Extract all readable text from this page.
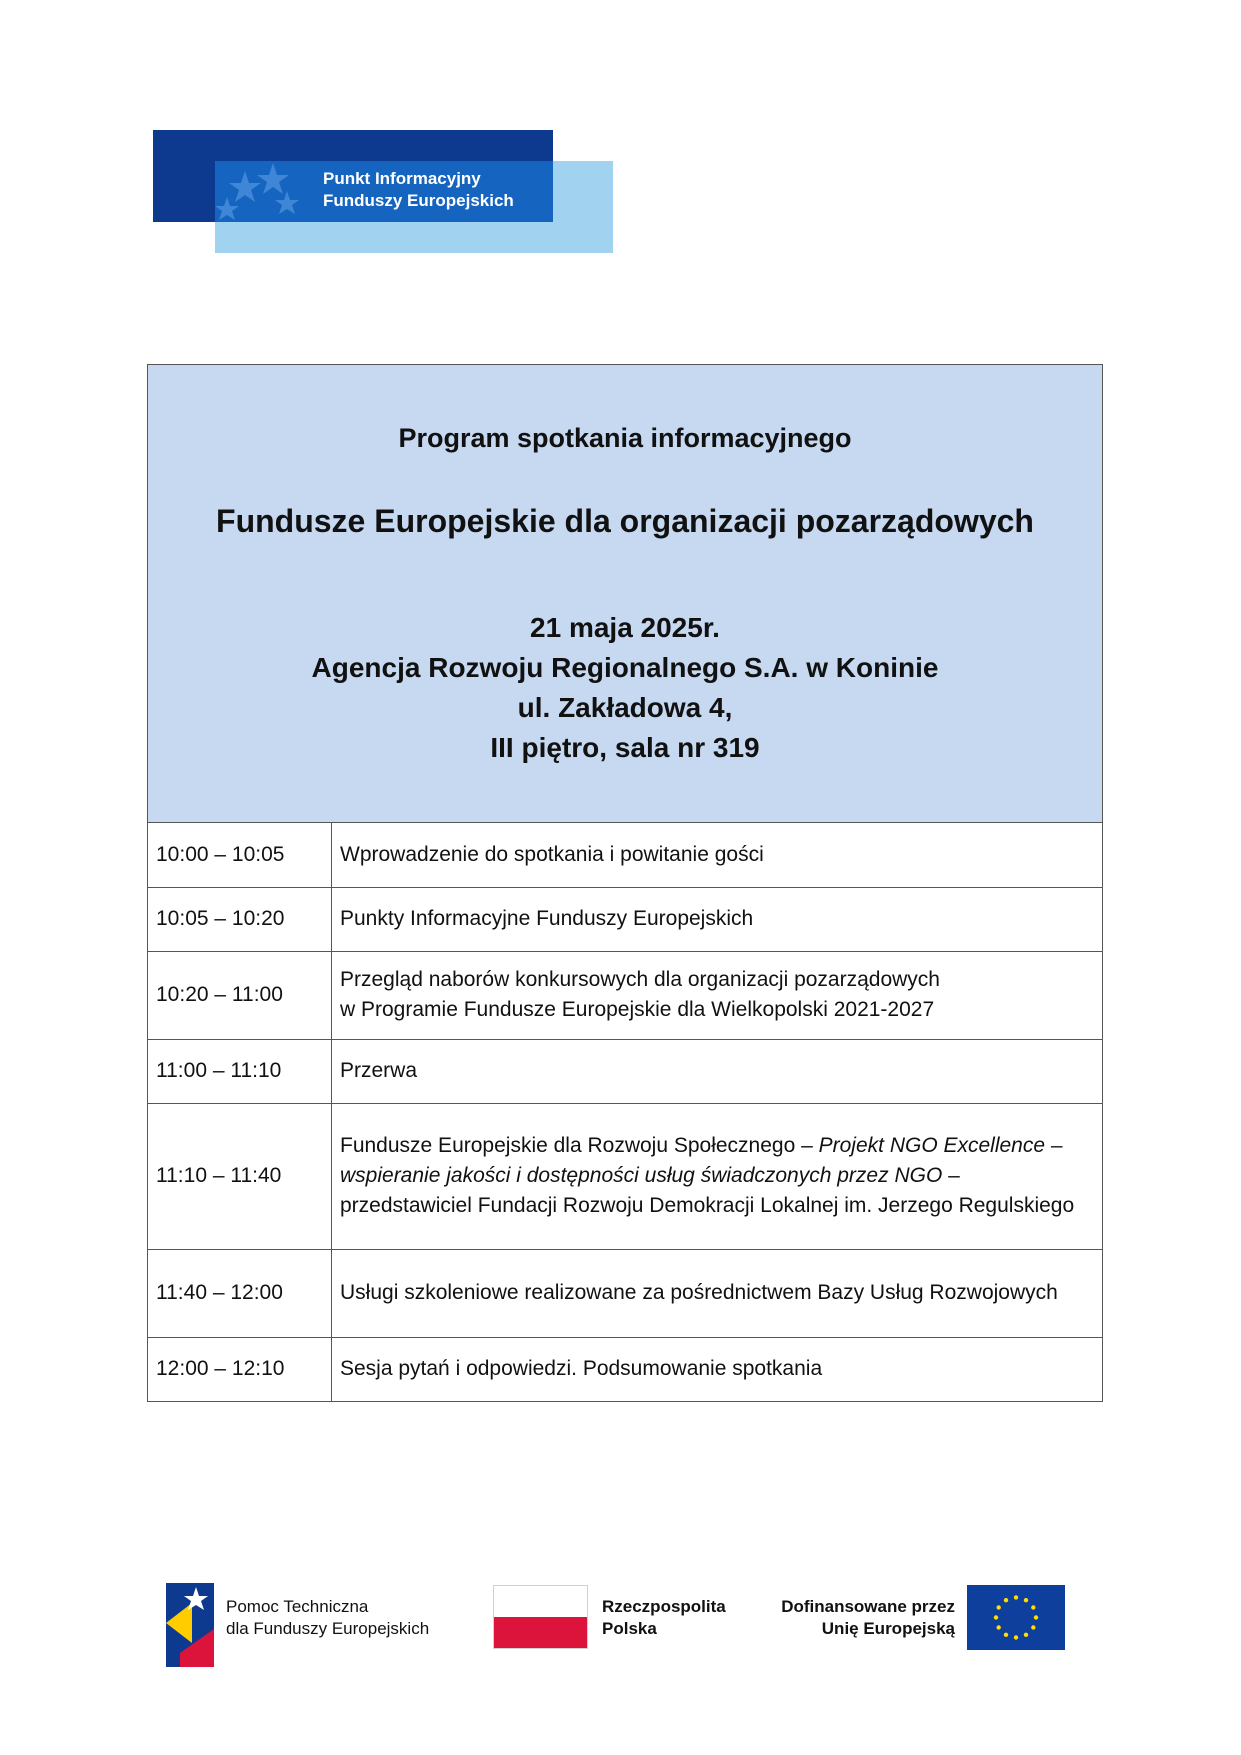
Punkt Informacyjny
Funduszy Europejskich
Program spotkania informacyjnego
Fundusze Europejskie dla organizacji pozarządowych
21 maja 2025r.
Agencja Rozwoju Regionalnego S.A. w Koninie
ul. Zakładowa 4,
III piętro, sala nr 319
10:00 – 10:05	Wprowadzenie do spotkania i powitanie gości
10:05 – 10:20	Punkty Informacyjne Funduszy Europejskich
10:20 – 11:00	Przegląd naborów konkursowych dla organizacji pozarządowych
w Programie Fundusze Europejskie dla Wielkopolski 2021-2027

11:00 – 11:10	Przerwa
11:10 – 11:40	Fundusze Europejskie dla Rozwoju Społecznego – Projekt NGO Excellence – wspieranie jakości i dostępności usług świadczonych przez NGO – przedstawiciel Fundacji Rozwoju Demokracji Lokalnej im. Jerzego Regulskiego
11:40 – 12:00	Usługi szkoleniowe realizowane za pośrednictwem Bazy Usług Rozwojowych
12:00 – 12:10	Sesja pytań i odpowiedzi. Podsumowanie spotkania
Pomoc Techniczna
dla Funduszy Europejskich
Rzeczpospolita
Polska
Dofinansowane przez
Unię Europejską
